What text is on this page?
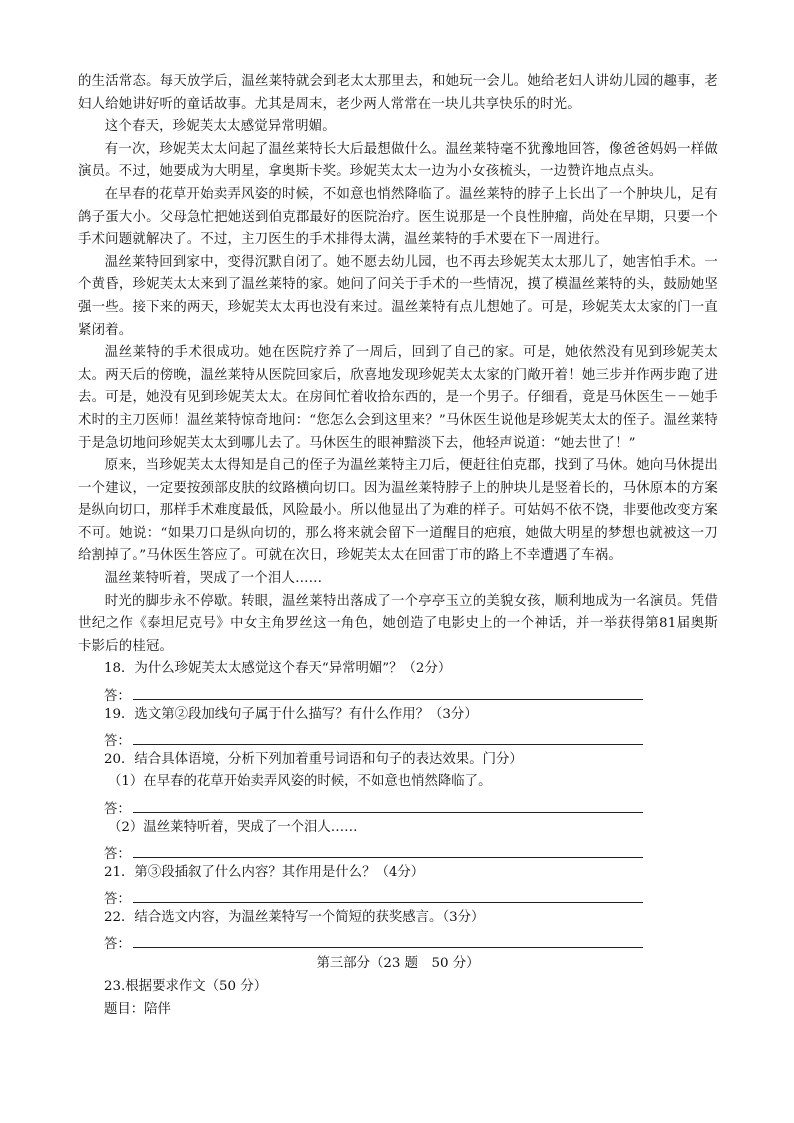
的生活常态。每天放学后，温丝莱特就会到老太太那里去，和她玩一会儿。她给老妇人讲幼儿园的趣事，老妇人给她讲好听的童话故事。尤其是周末，老少两人常常在一块儿共享快乐的时光。

这个春天，珍妮芙太太感觉异常明媚。

有一次，珍妮芙太太问起了温丝莱特长大后最想做什么。温丝莱特毫不犹豫地回答，像爸爸妈妈一样做演员。不过，她要成为大明星，拿奥斯卡奖。珍妮芙太太一边为小女孩梳头，一边赞许地点点头。

在早春的花草开始卖弄风姿的时候，不如意也悄然降临了。温丝莱特的脖子上长出了一个肿块儿，足有鸽子蛋大小。父母急忙把她送到伯克郡最好的医院治疗。医生说那是一个良性肿瘤，尚处在早期，只要一个手术问题就解决了。不过，主刀医生的手术排得太满，温丝莱特的手术要在下一周进行。

温丝莱特回到家中，变得沉默自闭了。她不愿去幼儿园，也不再去珍妮芙太太那儿了，她害怕手术。一个黄昏，珍妮芙太太来到了温丝莱特的家。她问了问关于手术的一些情况，摸了模温丝莱特的头，鼓励她坚强一些。接下来的两天，珍妮芙太太再也没有来过。温丝莱特有点儿想她了。可是，珍妮芙太太家的门一直紧闭着。

温丝莱特的手术很成功。她在医院疗养了一周后，回到了自己的家。可是，她依然没有见到珍妮芙太太。两天后的傍晚，温丝莱特从医院回家后，欣喜地发现珍妮芙太太家的门敞开着！她三步并作两步跑了进去。可是，她没有见到珍妮芙太太。在房间忙着收拾东西的，是一个男子。仔细看，竟是马休医生－－她手术时的主刀医师！温丝莱特惊奇地问：“您怎么会到这里来？”马休医生说他是珍妮芙太太的侄子。温丝莱特于是急切地问珍妮芙太太到哪儿去了。马休医生的眼神黯淡下去，他轻声说道：“她去世了！”

原来，当珍妮芙太太得知是自己的侄子为温丝莱特主刀后，便赶往伯克郡，找到了马休。她向马休提出一个建议，一定要按颈部皮肤的纹路横向切口。因为温丝莱特脖子上的肿块儿是竖着长的，马休原本的方案是纵向切口，那样手术难度最低，风险最小。所以他显出了为难的样子。可姑妈不依不饶，非要他改变方案不可。她说：“如果刀口是纵向切的，那么将来就会留下一道醒目的疤痕，她做大明星的梦想也就被这一刀给割掉了。”马休医生答应了。可就在次日，珍妮芙太太在回雷丁市的路上不幸遭遇了车祸。

温丝莱特听着，哭成了一个泪人……

时光的脚步永不停歇。转眼，温丝莱特出落成了一个亭亭玉立的美貌女孩，顺利地成为一名演员。凭借世纪之作《泰坦尼克号》中女主角罗丝这一角色，她创造了电影史上的一个神话，并一举获得第81届奥斯卡影后的桂冠。

18．为什么珍妮芙太太感觉这个春天“异常明媚”？（2分）

答：

19．选文第②段加线句子属于什么描写？有什么作用？（3分）

答：

20．结合具体语境，分析下列加着重号词语和句子的表达效果。门分）

（1）在早春的花草开始卖弄风姿的时候，不如意也悄然降临了。

答：

（2）温丝莱特听着，哭成了一个泪人……

答：

21．第③段插叙了什么内容？其作用是什么？（4分）

答：

22．结合选文内容，为温丝莱特写一个简短的获奖感言。（3分）

答：

第三部分（23 题　50 分）

23.根据要求作文（50 分）

题目：陪伴
